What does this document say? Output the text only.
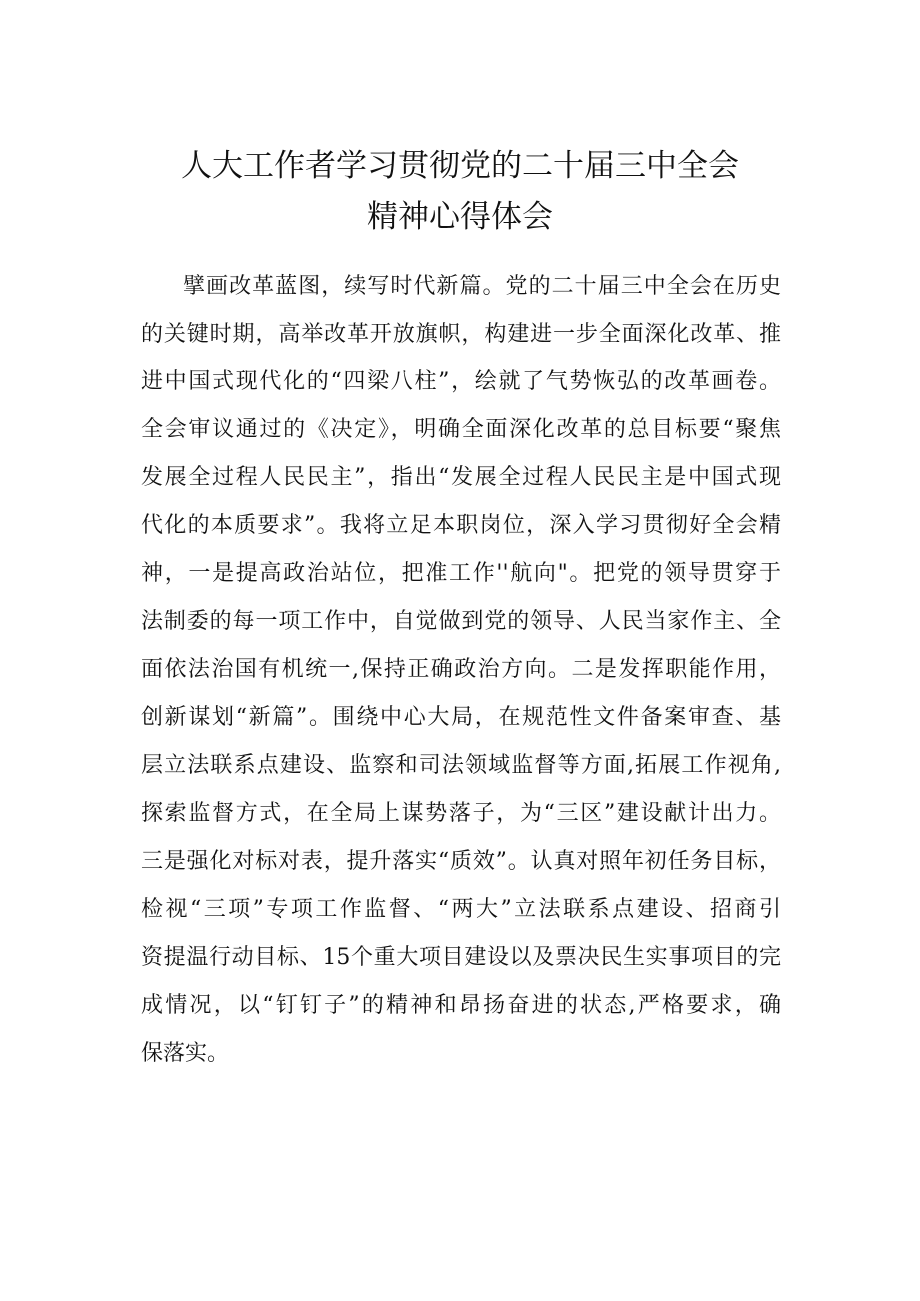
人大工作者学习贯彻党的二十届三中全会
精神心得体会
擘画改革蓝图，续写时代新篇。党的二十届三中全会在历史
的关键时期，高举改革开放旗帜，构建进一步全面深化改革、推
进中国式现代化的“四梁八柱”，绘就了气势恢弘的改革画卷。
全会审议通过的《决定》，明确全面深化改革的总目标要“聚焦
发展全过程人民民主”，指出“发展全过程人民民主是中国式现
代化的本质要求”。我将立足本职岗位，深入学习贯彻好全会精
神，一是提高政治站位，把准工作''航向"。把党的领导贯穿于
法制委的每一项工作中，自觉做到党的领导、人民当家作主、全
面依法治国有机统一,保持正确政治方向。二是发挥职能作用，
创新谋划“新篇”。围绕中心大局，在规范性文件备案审查、基
层立法联系点建设、监察和司法领域监督等方面,拓展工作视角,
探索监督方式，在全局上谋势落子，为“三区”建设献计出力。
三是强化对标对表，提升落实“质效”。认真对照年初任务目标，
检视“三项”专项工作监督、“两大”立法联系点建设、招商引
资提温行动目标、15个重大项目建设以及票决民生实事项目的完
成情况，以“钉钉子”的精神和昂扬奋进的状态,严格要求，确
保落实。
